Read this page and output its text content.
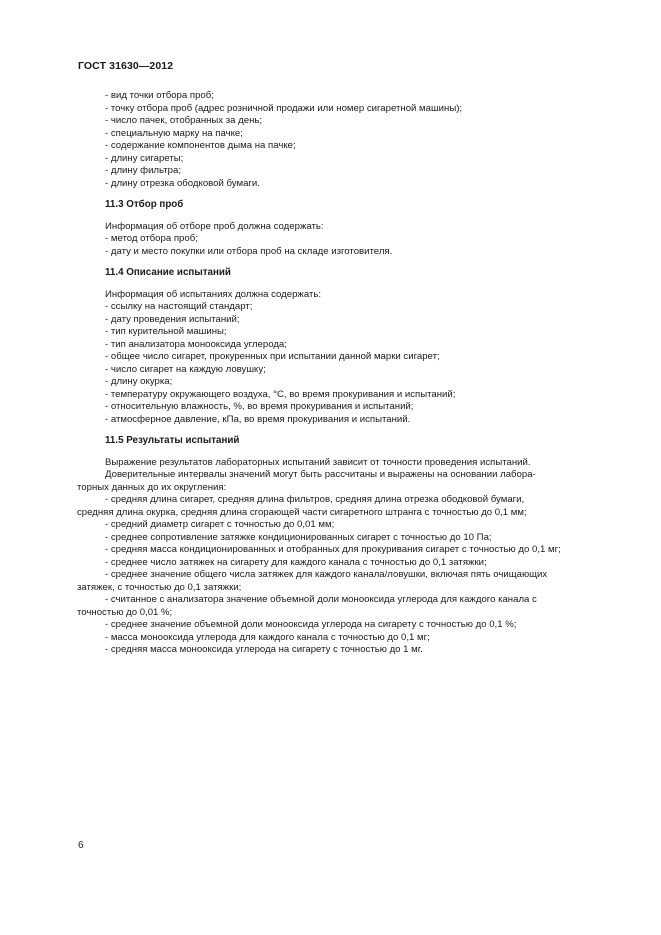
ГОСТ 31630—2012
- вид точки отбора проб;
- точку отбора проб (адрес розничной продажи или номер сигаретной машины);
- число пачек, отобранных за день;
- специальную марку на пачке;
- содержание компонентов дыма на пачке;
- длину сигареты;
- длину фильтра;
- длину отрезка ободковой бумаги.
11.3 Отбор проб
Информация об отборе проб должна содержать:
- метод отбора проб;
- дату и место покупки или отбора проб на складе изготовителя.
11.4 Описание испытаний
Информация об испытаниях должна содержать:
- ссылку на настоящий стандарт;
- дату проведения испытаний;
- тип курительной машины;
- тип анализатора монооксида углерода;
- общее число сигарет, прокуренных при испытании данной марки сигарет;
- число сигарет на каждую ловушку;
- длину окурка;
- температуру окружающего воздуха, °С, во время прокуривания и испытаний;
- относительную влажность, %, во время прокуривания и испытаний;
- атмосферное давление, кПа, во время прокуривания и испытаний.
11.5 Результаты испытаний
Выражение результатов лабораторных испытаний зависит от точности проведения испытаний.
Доверительные интервалы значений могут быть рассчитаны и выражены на основании лабора-
торных данных до их округления:
- средняя длина сигарет, средняя длина фильтров, средняя длина отрезка ободковой бумаги,
средняя длина окурка, средняя длина сгорающей части сигаретного штранга с точностью до 0,1 мм;
- средний диаметр сигарет с точностью до 0,01 мм;
- среднее сопротивление затяжке кондиционированных сигарет с точностью до 10 Па;
- средняя масса кондиционированных и отобранных для прокуривания сигарет с точностью до 0,1 мг;
- среднее число затяжек на сигарету для каждого канала с точностью до 0,1 затяжки;
- среднее значение общего числа затяжек для каждого канала/ловушки, включая пять очищающих
затяжек, с точностью до 0,1 затяжки;
- считанное с анализатора значение объемной доли монооксида углерода для каждого канала с
точностью до 0,01 %;
- среднее значение объемной доли монооксида углерода на сигарету с точностью до 0,1 %;
- масса монооксида углерода для каждого канала с точностью до 0,1 мг;
- средняя масса монооксида углерода на сигарету с точностью до 1 мг.
6
